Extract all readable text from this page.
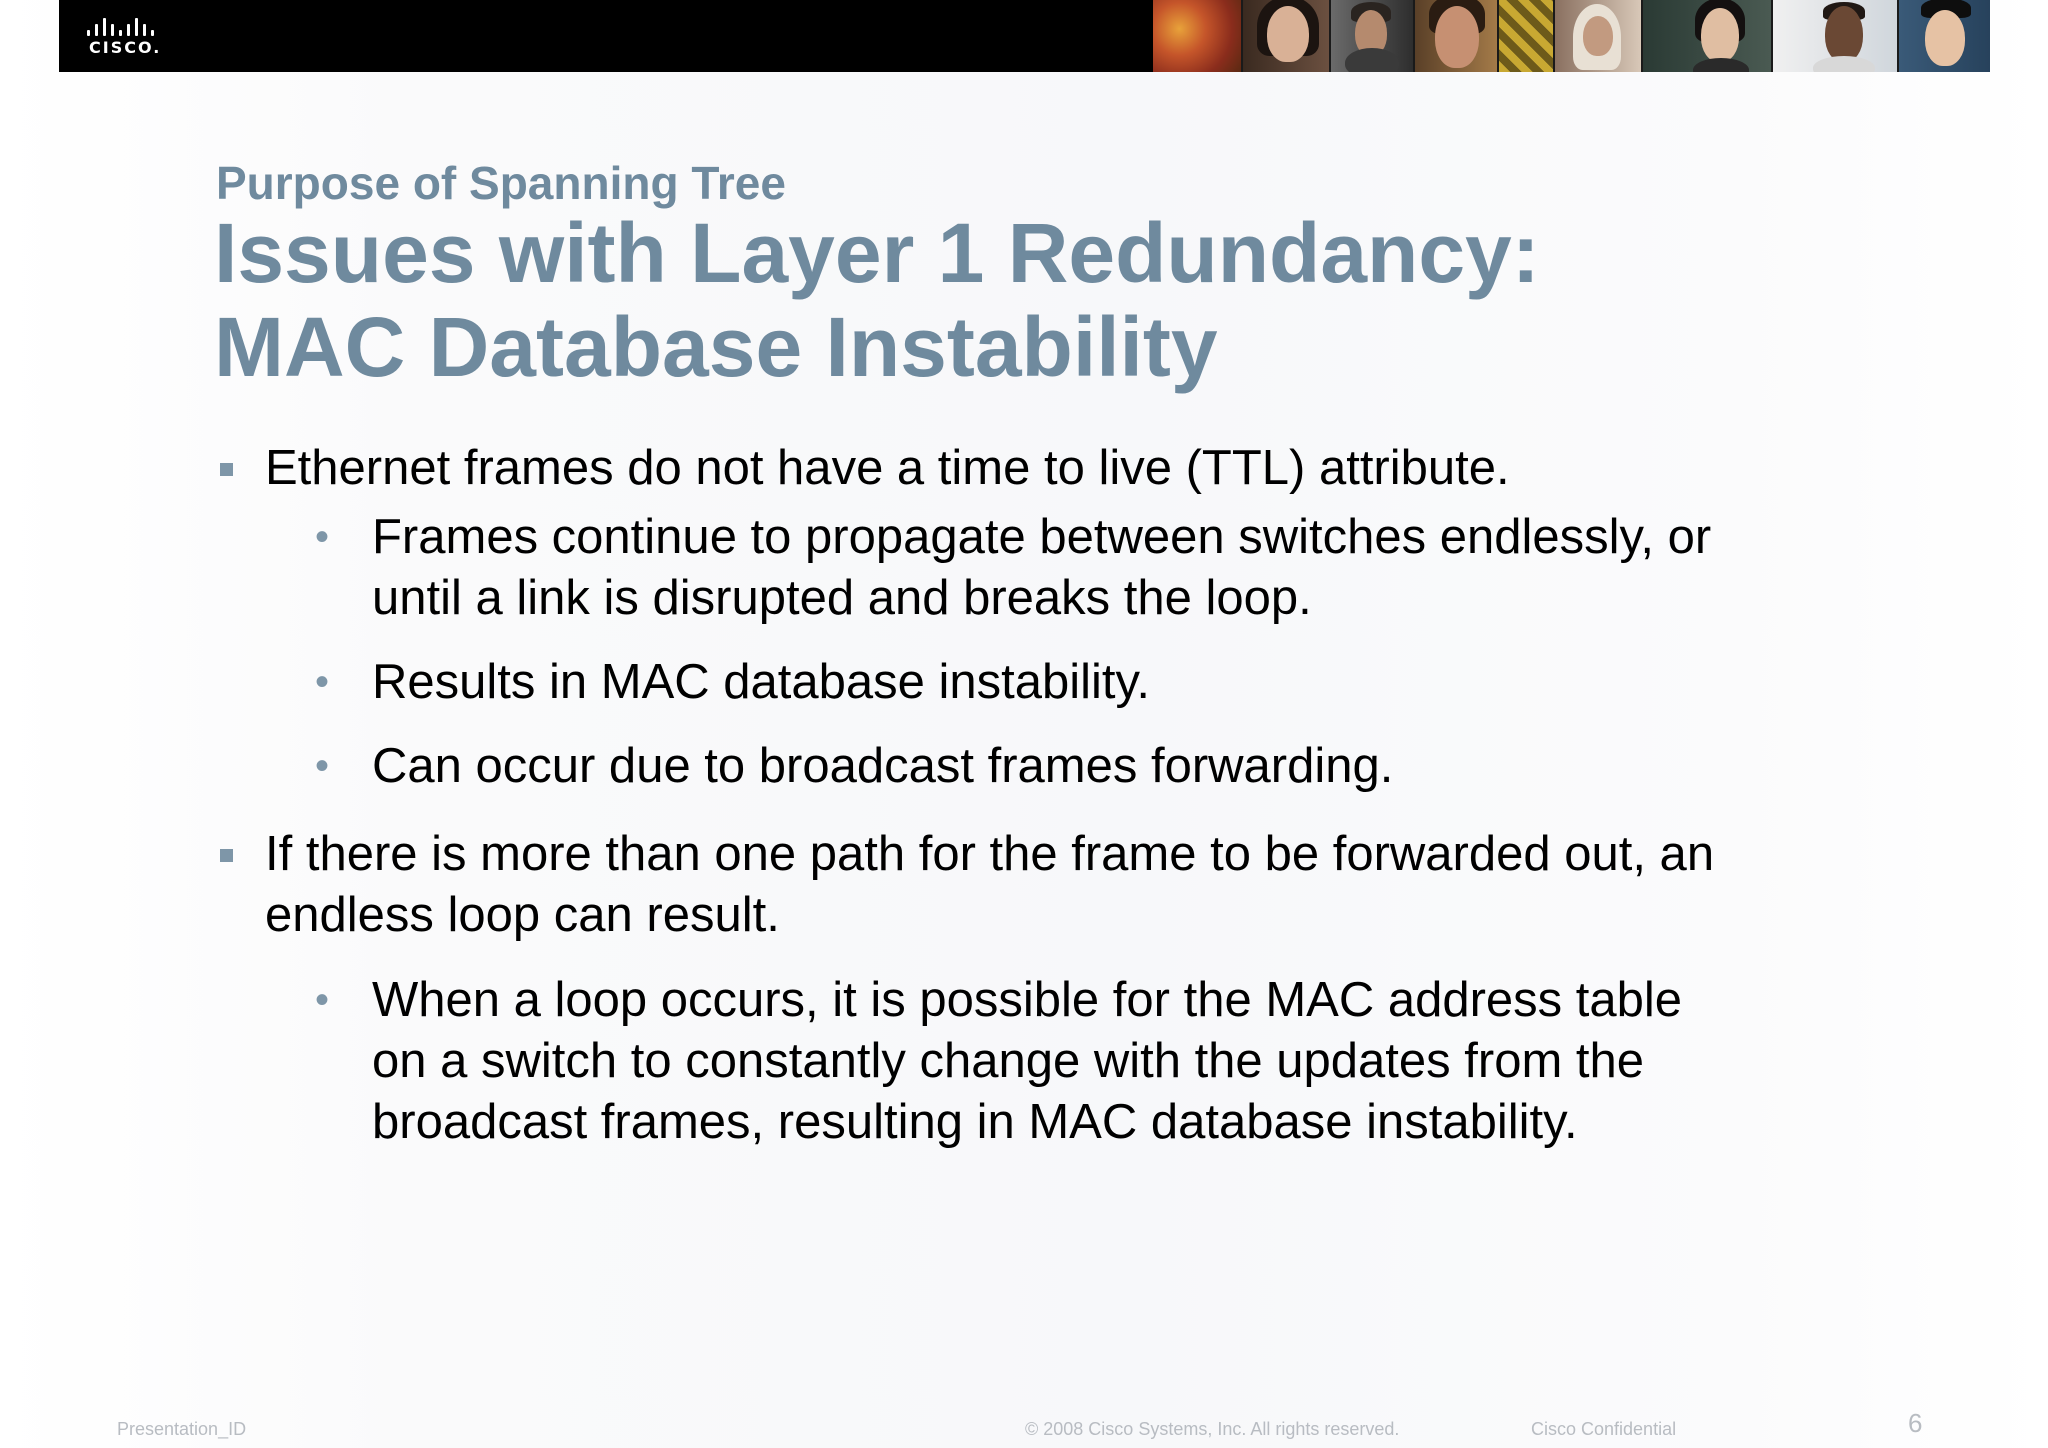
CISCO.
Purpose of Spanning Tree
Issues with Layer 1 Redundancy:
MAC Database Instability
Ethernet frames do not have a time to live (TTL) attribute.
• Frames continue to propagate between switches endlessly, or
until a link is disrupted and breaks the loop.
• Results in MAC database instability.
• Can occur due to broadcast frames forwarding.
If there is more than one path for the frame to be forwarded out, an
endless loop can result.
• When a loop occurs, it is possible for the MAC address table
on a switch to constantly change with the updates from the
broadcast frames, resulting in MAC database instability.
Presentation_ID	© 2008 Cisco Systems, Inc. All rights reserved.	Cisco Confidential	6
